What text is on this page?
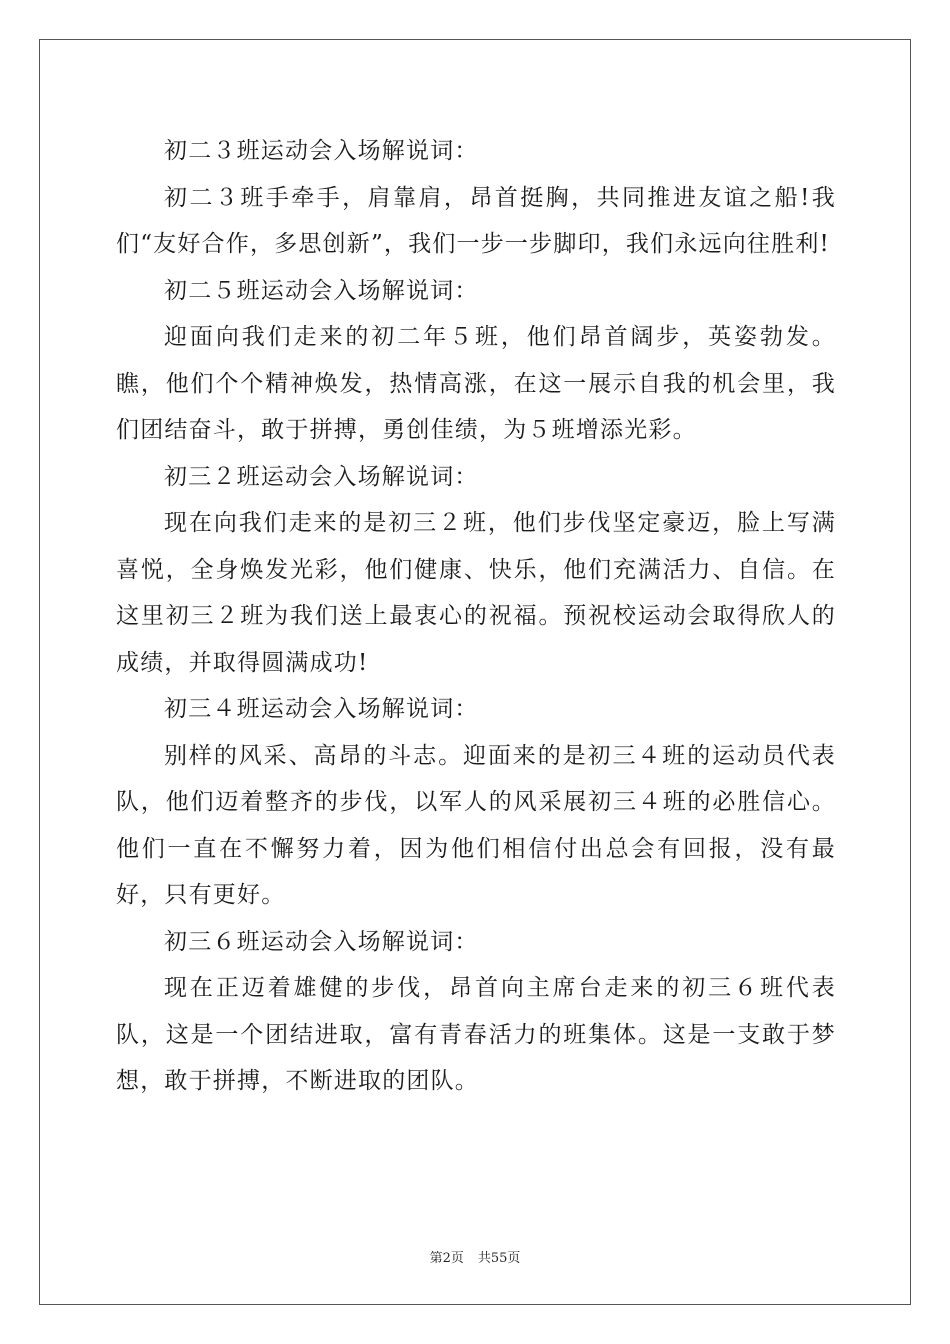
初二３班运动会入场解说词：

初二３班手牵手，肩靠肩，昂首挺胸，共同推进友谊之船!我们“友好合作，多思创新”，我们一步一步脚印，我们永远向往胜利!

初二５班运动会入场解说词：

迎面向我们走来的初二年５班，他们昂首阔步，英姿勃发。瞧，他们个个精神焕发，热情高涨，在这一展示自我的机会里，我们团结奋斗，敢于拼搏，勇创佳绩，为５班增添光彩。

初三２班运动会入场解说词：

现在向我们走来的是初三２班，他们步伐坚定豪迈，脸上写满喜悦，全身焕发光彩，他们健康、快乐，他们充满活力、自信。在这里初三２班为我们送上最衷心的祝福。预祝校运动会取得欣人的成绩，并取得圆满成功!

初三４班运动会入场解说词：

别样的风采、高昂的斗志。迎面来的是初三４班的运动员代表队，他们迈着整齐的步伐，以军人的风采展初三４班的必胜信心。他们一直在不懈努力着，因为他们相信付出总会有回报，没有最好，只有更好。

初三６班运动会入场解说词：

现在正迈着雄健的步伐，昂首向主席台走来的初三６班代表队，这是一个团结进取，富有青春活力的班集体。这是一支敢于梦想，敢于拼搏，不断进取的团队。

第2页 共55页
